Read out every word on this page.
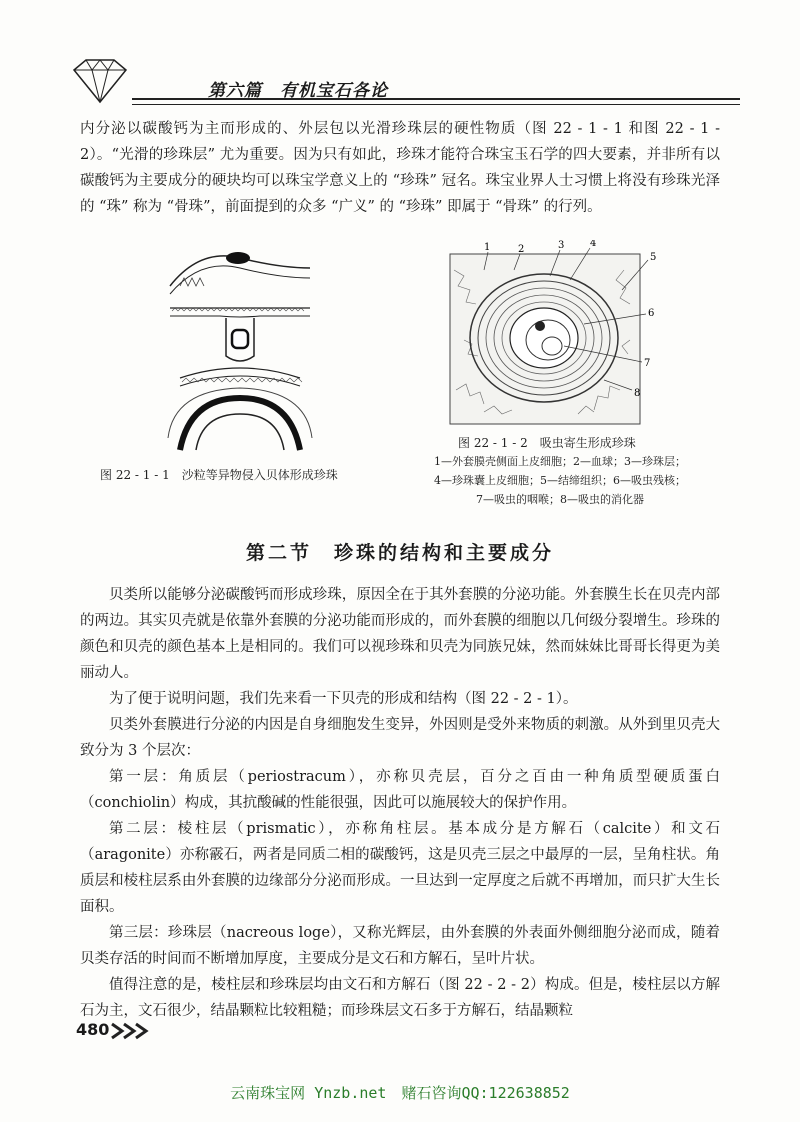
第六篇　有机宝石各论
内分泌以碳酸钙为主而形成的、外层包以光滑珍珠层的硬性物质（图 22 - 1 - 1 和图 22 - 1 - 2）。“光滑的珍珠层” 尤为重要。因为只有如此，珍珠才能符合珠宝玉石学的四大要素，并非所有以碳酸钙为主要成分的硬块均可以珠宝学意义上的 “珍珠” 冠名。珠宝业界人士习惯上将没有珍珠光泽的 “珠” 称为 “骨珠”，前面提到的众多 “广义” 的 “珍珠” 即属于 “骨珠” 的行列。
图 22 - 1 - 1　沙粒等异物侵入贝体形成珍珠
1	2	3	4
5
6
7
8
图 22 - 1 - 2　吸虫寄生形成珍珠
1—外套膜壳侧面上皮细胞；2—血球；3—珍珠层；
4—珍珠囊上皮细胞；5—结缔组织；6—吸虫残核；
7—吸虫的咽喉；8—吸虫的消化器
第二节　珍珠的结构和主要成分
贝类所以能够分泌碳酸钙而形成珍珠，原因全在于其外套膜的分泌功能。外套膜生长在贝壳内部的两边。其实贝壳就是依靠外套膜的分泌功能而形成的，而外套膜的细胞以几何级分裂增生。珍珠的颜色和贝壳的颜色基本上是相同的。我们可以视珍珠和贝壳为同族兄妹，然而妹妹比哥哥长得更为美丽动人。
为了便于说明问题，我们先来看一下贝壳的形成和结构（图 22 - 2 - 1）。
贝类外套膜进行分泌的内因是自身细胞发生变异，外因则是受外来物质的刺激。从外到里贝壳大致分为 3 个层次：
第一层：角质层（periostracum），亦称贝壳层，百分之百由一种角质型硬质蛋白（conchiolin）构成，其抗酸碱的性能很强，因此可以施展较大的保护作用。
第二层：棱柱层（prismatic），亦称角柱层。基本成分是方解石（calcite）和文石（aragonite）亦称霰石，两者是同质二相的碳酸钙，这是贝壳三层之中最厚的一层，呈角柱状。角质层和棱柱层系由外套膜的边缘部分分泌而形成。一旦达到一定厚度之后就不再增加，而只扩大生长面积。
第三层：珍珠层（nacreous loge），又称光辉层，由外套膜的外表面外侧细胞分泌而成，随着贝类存活的时间而不断增加厚度，主要成分是文石和方解石，呈叶片状。
值得注意的是，棱柱层和珍珠层均由文石和方解石（图 22 - 2 - 2）构成。但是，棱柱层以方解石为主，文石很少，结晶颗粒比较粗糙；而珍珠层文石多于方解石，结晶颗粒
480
云南珠宝网 Ynzb.net　赌石咨询QQ:122638852
